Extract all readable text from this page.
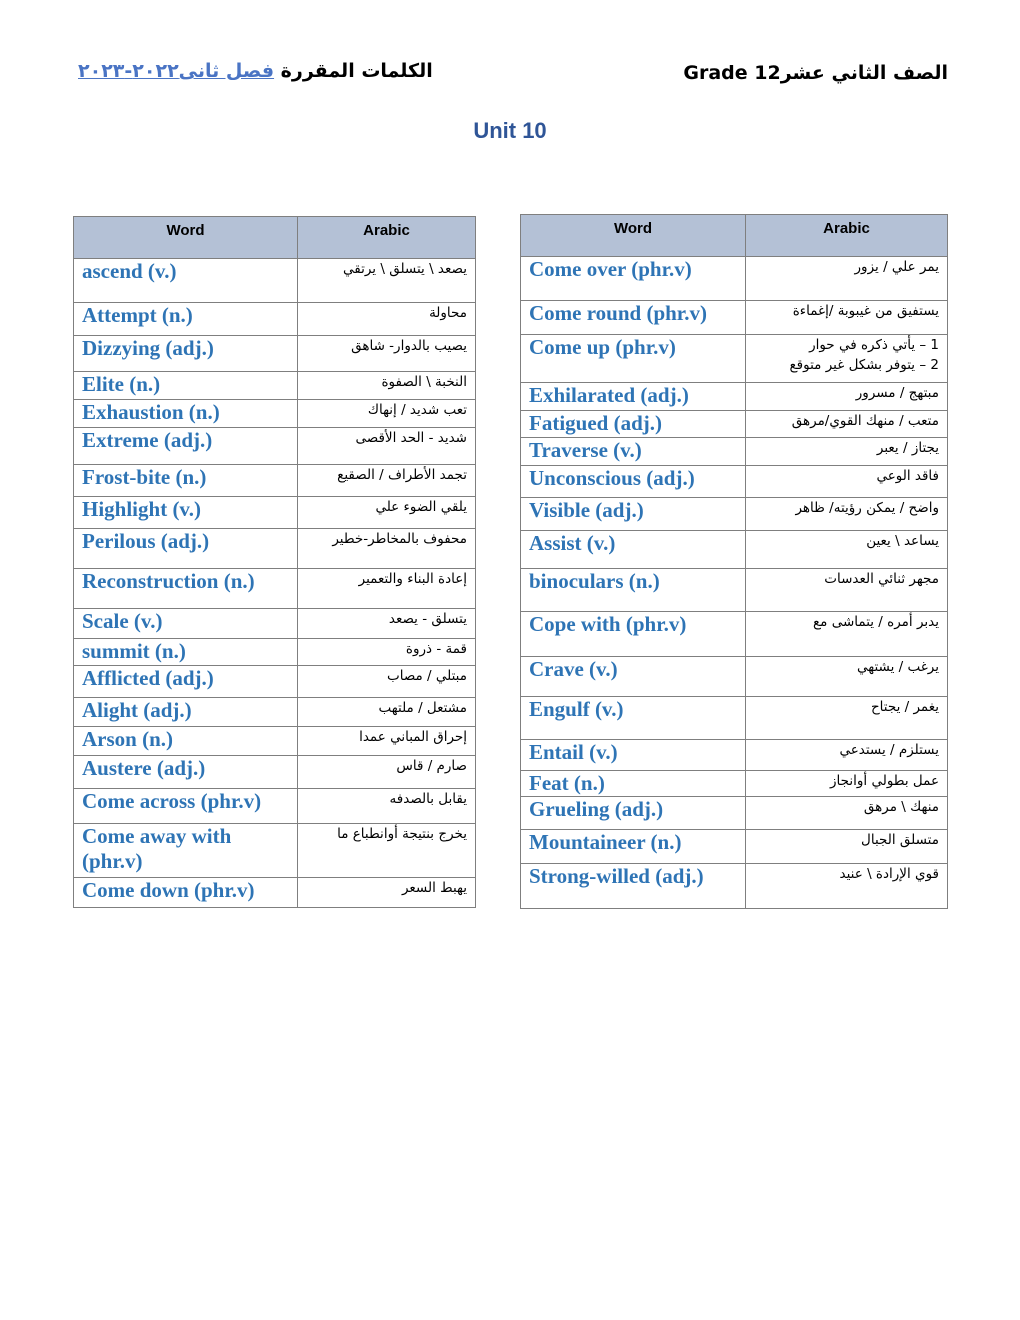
الكلمات المقررة فصل ثانى٢٠٢٢-٢٠٢٣	Grade 12الصف الثاني عشر
Unit 10
Word	Arabic
ascend (v.)	يصعد \ يتسلق \ يرتقي
Attempt (n.)	محاولة
Dizzying (adj.)	يصيب بالدوار- شاهق
Elite (n.)	النخبة \ الصفوة
Exhaustion (n.)	تعب شديد / إنهاك
Extreme (adj.)	شديد - الحد الأقصى
Frost-bite (n.)	تجمد الأطراف / الصقيع
Highlight (v.)	يلقي الضوء علي
Perilous (adj.)	محفوف بالمخاطر-خطير
Reconstruction (n.)	إعادة البناء والتعمير
Scale (v.)	يتسلق - يصعد
summit (n.)	قمة - ذروة
Afflicted (adj.)	مبتلي / مصاب
Alight (adj.)	مشتعل / ملتهب
Arson (n.)	إحراق المباني عمدا
Austere (adj.)	صارم / قاس
Come across (phr.v)	يقابل بالصدفه
Come away with (phr.v)	يخرج بنتيجة أوانطباع ما
Come down (phr.v)	يهبط السعر
Word	Arabic
Come over (phr.v)	يمر علي / يزور
Come round (phr.v)	يستفيق من غيبوبة /إغماءة
Come up (phr.v)	1 – يأتي ذكره في حوار
2 – يتوفر بشكل غير متوقع

Exhilarated (adj.)	مبتهج / مسرور
Fatigued (adj.)	متعب / منهك القوي/مرهق
Traverse (v.)	يجتاز / يعبر
Unconscious (adj.)	فاقد الوعي
Visible (adj.)	واضح / يمكن رؤيته/ ظاهر
Assist (v.)	يساعد \ يعين
binoculars (n.)	مجهر ثنائي العدسات
Cope with (phr.v)	يدبر أمره / يتماشى مع
Crave (v.)	يرغب / يشتهي
Engulf (v.)	يغمر / يجتاح
Entail (v.)	يستلزم / يستدعي
Feat (n.)	عمل بطولي أوانجاز
Grueling (adj.)	منهك \ مرهق
Mountaineer (n.)	متسلق الجبال
Strong-willed (adj.)	قوي الإرادة \ عنيد
